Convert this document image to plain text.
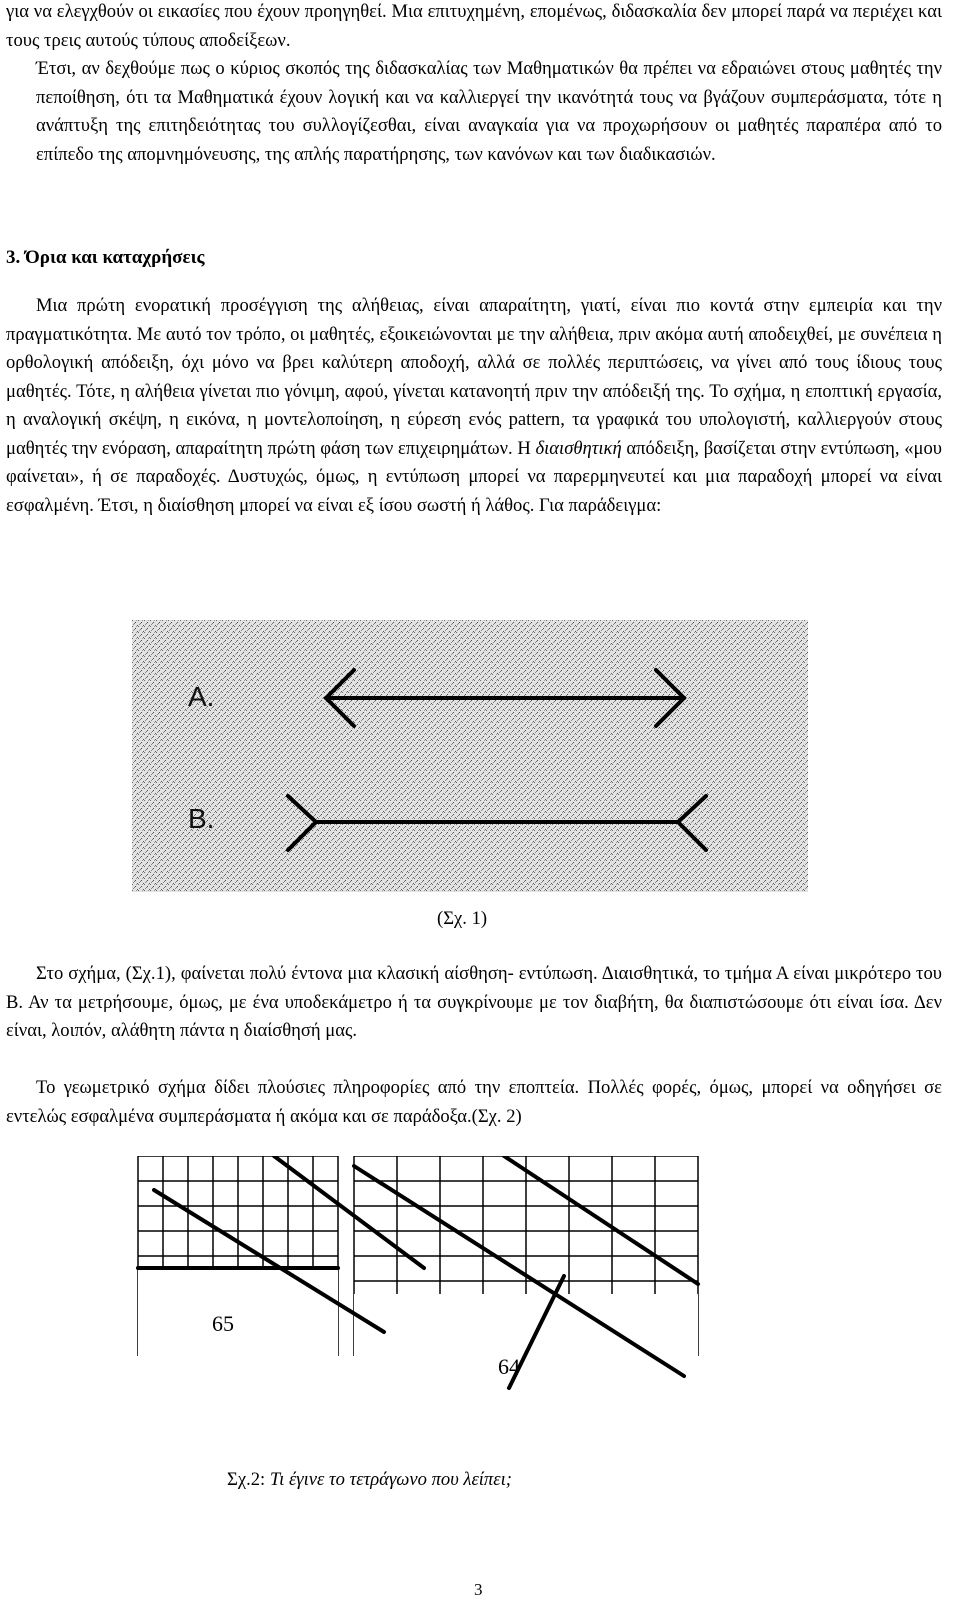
για να ελεγχθούν οι εικασίες που έχουν προηγηθεί. Μια επιτυχημένη, επομένως, διδασκαλία δεν μπορεί παρά να περιέχει και τους τρεις αυτούς τύπους αποδείξεων.
Έτσι, αν δεχθούμε πως ο κύριος σκοπός της διδασκαλίας των Μαθηματικών θα πρέπει να εδραιώνει στους μαθητές την πεποίθηση, ότι τα Μαθηματικά έχουν λογική και να καλλιεργεί την ικανότητά τους να βγάζουν συμπεράσματα, τότε η ανάπτυξη της επιτηδειότητας του συλλογίζεσθαι, είναι αναγκαία για να προχωρήσουν οι μαθητές παραπέρα από το επίπεδο της απομνημόνευσης, της απλής παρατήρησης, των κανόνων και των διαδικασιών.
3. Όρια και καταχρήσεις
Μια πρώτη ενορατική προσέγγιση της αλήθειας, είναι απαραίτητη, γιατί, είναι πιο κοντά στην εμπειρία και την πραγματικότητα. Με αυτό τον τρόπο, οι μαθητές, εξοικειώνονται με την αλήθεια, πριν ακόμα αυτή αποδειχθεί, με συνέπεια η ορθολογική απόδειξη, όχι μόνο να βρει καλύτερη αποδοχή, αλλά σε πολλές περιπτώσεις, να γίνει από τους ίδιους τους μαθητές. Τότε, η αλήθεια γίνεται πιο γόνιμη, αφού, γίνεται κατανοητή πριν την απόδειξή της. Το σχήμα, η εποπτική εργασία, η αναλογική σκέψη, η εικόνα, η μοντελοποίηση, η εύρεση ενός pattern, τα γραφικά του υπολογιστή, καλλιεργούν στους μαθητές την ενόραση, απαραίτητη πρώτη φάση των επιχειρημάτων. Η διαισθητική απόδειξη, βασίζεται στην εντύπωση, «μου φαίνεται», ή σε παραδοχές. Δυστυχώς, όμως, η εντύπωση μπορεί να παρερμηνευτεί και μια παραδοχή μπορεί να είναι εσφαλμένη. Έτσι, η διαίσθηση μπορεί να είναι εξ ίσου σωστή ή λάθος. Για παράδειγμα:
A.
B.
(Σχ. 1)
Στο σχήμα, (Σχ.1), φαίνεται πολύ έντονα μια κλασική αίσθηση- εντύπωση. Διαισθητικά, το τμήμα Α είναι μικρότερο του Β. Αν τα μετρήσουμε, όμως, με ένα υποδεκάμετρο ή τα συγκρίνουμε με τον διαβήτη, θα διαπιστώσουμε ότι είναι ίσα. Δεν είναι, λοιπόν, αλάθητη πάντα η διαίσθησή μας.
Το γεωμετρικό σχήμα δίδει πλούσιες πληροφορίες από την εποπτεία. Πολλές φορές, όμως, μπορεί να οδηγήσει σε εντελώς εσφαλμένα συμπεράσματα ή ακόμα και σε παράδοξα.(Σχ. 2)
65
64
Σχ.2: Τι έγινε το τετράγωνο που λείπει;
3
